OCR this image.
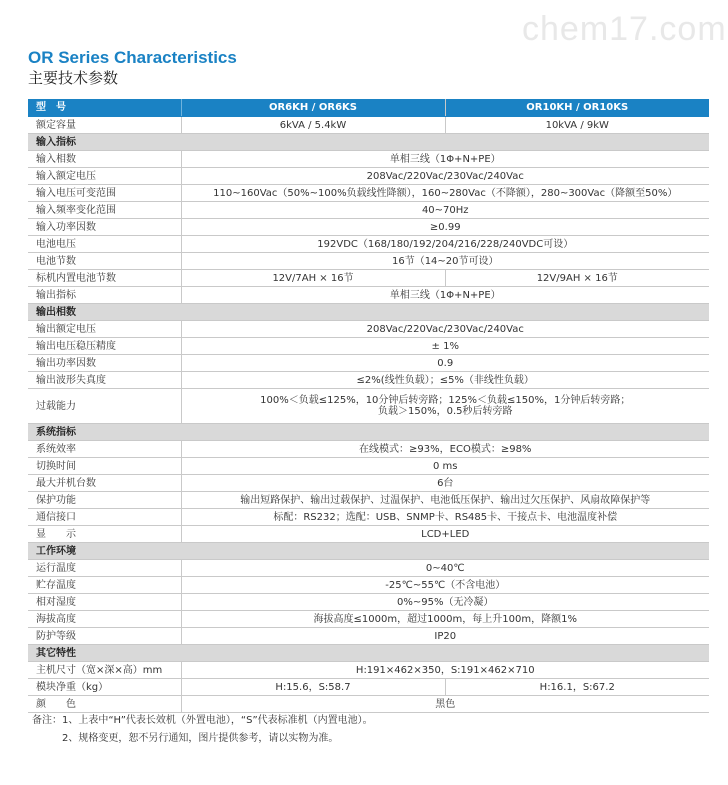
chem17.com
OR Series Characteristics
主要技术参数
型　号	OR6KH / OR6KS	OR10KH / OR10KS
额定容量	6kVA / 5.4kW	10kVA / 9kW
输入指标		
输入相数	单相三线（1Φ+N+PE）	
输入额定电压	208Vac/220Vac/230Vac/240Vac	
输入电压可变范围	110~160Vac（50%~100%负载线性降额），160~280Vac（不降额），280~300Vac（降额至50%）	
输入频率变化范围	40~70Hz	
输入功率因数	≥0.99	
电池电压	192VDC（168/180/192/204/216/228/240VDC可设）	
电池节数	16节（14~20节可设）	
标机内置电池节数	12V/7AH × 16节	12V/9AH × 16节
输出指标	单相三线（1Φ+N+PE）	
输出相数		
输出额定电压	208Vac/220Vac/230Vac/240Vac	
输出电压稳压精度	± 1%	
输出功率因数	0.9	
输出波形失真度	≤2%(线性负载）；≤5%（非线性负载）	
过载能力	100%＜负载≤125%，10分钟后转旁路；125%＜负载≤150%，1分钟后转旁路；
负载＞150%，0.5秒后转旁路	

系统指标		
系统效率	在线模式：≥93%，ECO模式：≥98%	
切换时间	0 ms	
最大并机台数	6台	
保护功能	输出短路保护、输出过载保护、过温保护、电池低压保护、输出过欠压保护、风扇故障保护等	
通信接口	标配：RS232；选配：USB、SNMP卡、RS485卡、干接点卡、电池温度补偿	
显　　示	LCD+LED	
工作环境		
运行温度	0~40℃	
贮存温度	-25℃~55℃（不含电池）	
相对湿度	0%~95%（无冷凝）	
海拔高度	海拔高度≤1000m，超过1000m，每上升100m，降额1%	
防护等级	IP20	
其它特性		
主机尺寸（宽×深×高）mm	H:191×462×350，S:191×462×710	
模块净重（kg）	H:15.6，S:58.7	H:16.1，S:67.2
颜　　色	黑色	
备注：1、上表中“H”代表长效机（外置电池），“S”代表标准机（内置电池）。
2、规格变更，恕不另行通知，图片提供参考，请以实物为准。
